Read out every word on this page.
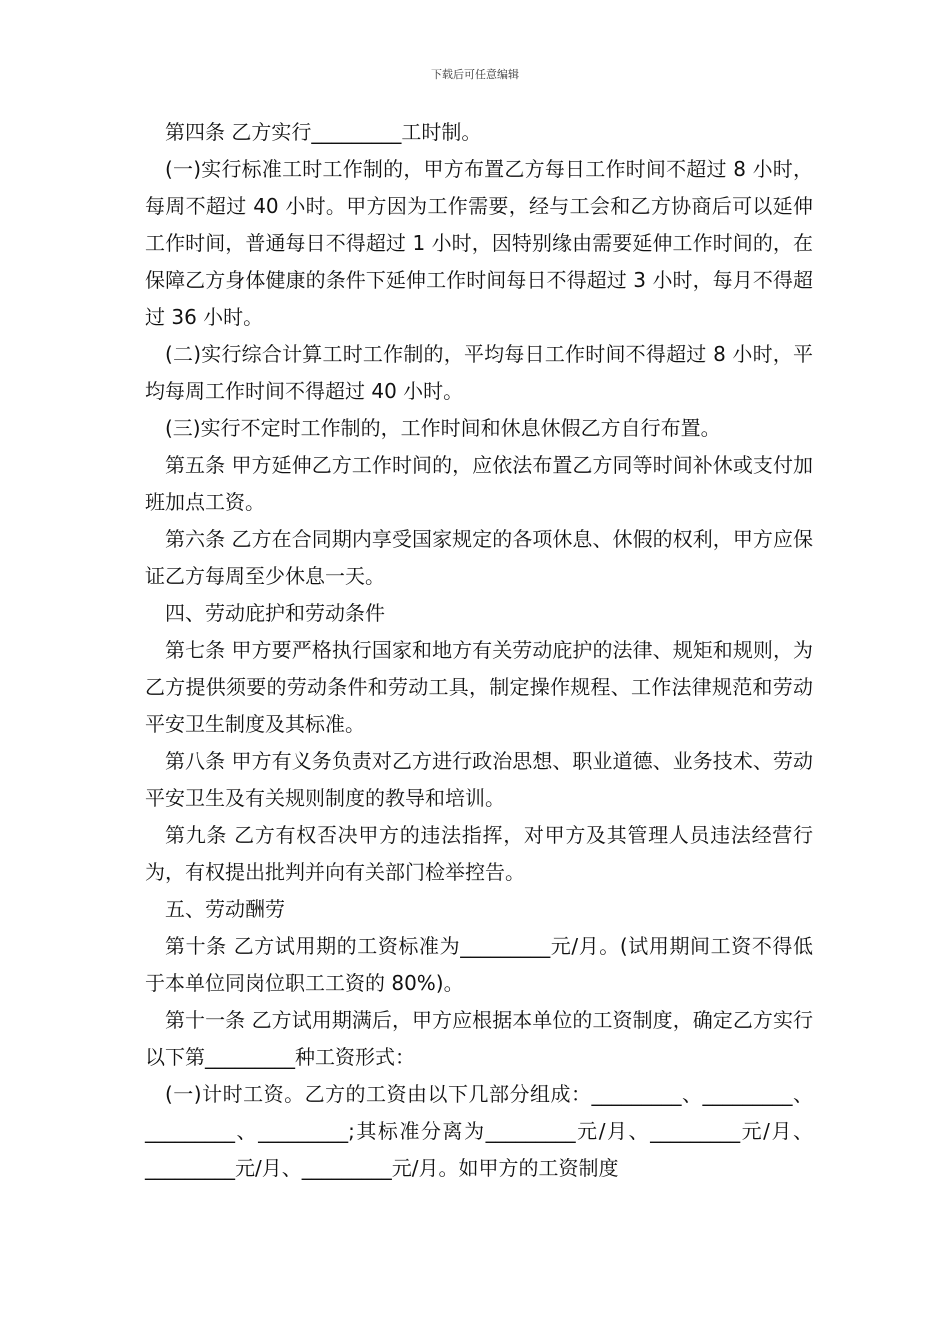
下载后可任意编辑

第四条 乙方实行_________工时制。

(一)实行标准工时工作制的，甲方布置乙方每日工作时间不超过 8 小时，每周不超过 40 小时。甲方因为工作需要，经与工会和乙方协商后可以延伸工作时间，普通每日不得超过 1 小时，因特别缘由需要延伸工作时间的，在保障乙方身体健康的条件下延伸工作时间每日不得超过 3 小时，每月不得超过 36 小时。

(二)实行综合计算工时工作制的，平均每日工作时间不得超过 8 小时，平均每周工作时间不得超过 40 小时。

(三)实行不定时工作制的，工作时间和休息休假乙方自行布置。

第五条 甲方延伸乙方工作时间的，应依法布置乙方同等时间补休或支付加班加点工资。

第六条 乙方在合同期内享受国家规定的各项休息、休假的权利，甲方应保证乙方每周至少休息一天。

四、劳动庇护和劳动条件

第七条 甲方要严格执行国家和地方有关劳动庇护的法律、规矩和规则，为乙方提供须要的劳动条件和劳动工具，制定操作规程、工作法律规范和劳动平安卫生制度及其标准。

第八条 甲方有义务负责对乙方进行政治思想、职业道德、业务技术、劳动平安卫生及有关规则制度的教导和培训。

第九条 乙方有权否决甲方的违法指挥，对甲方及其管理人员违法经营行为，有权提出批判并向有关部门检举控告。

五、劳动酬劳

第十条 乙方试用期的工资标准为_________元/月。(试用期间工资不得低于本单位同岗位职工工资的 80%)。

第十一条 乙方试用期满后，甲方应根据本单位的工资制度，确定乙方实行以下第_________种工资形式：

(一)计时工资。乙方的工资由以下几部分组成：_________、_________、_________、_________;其标准分离为_________元/月、_________元/月、_________元/月、_________元/月。如甲方的工资制度
